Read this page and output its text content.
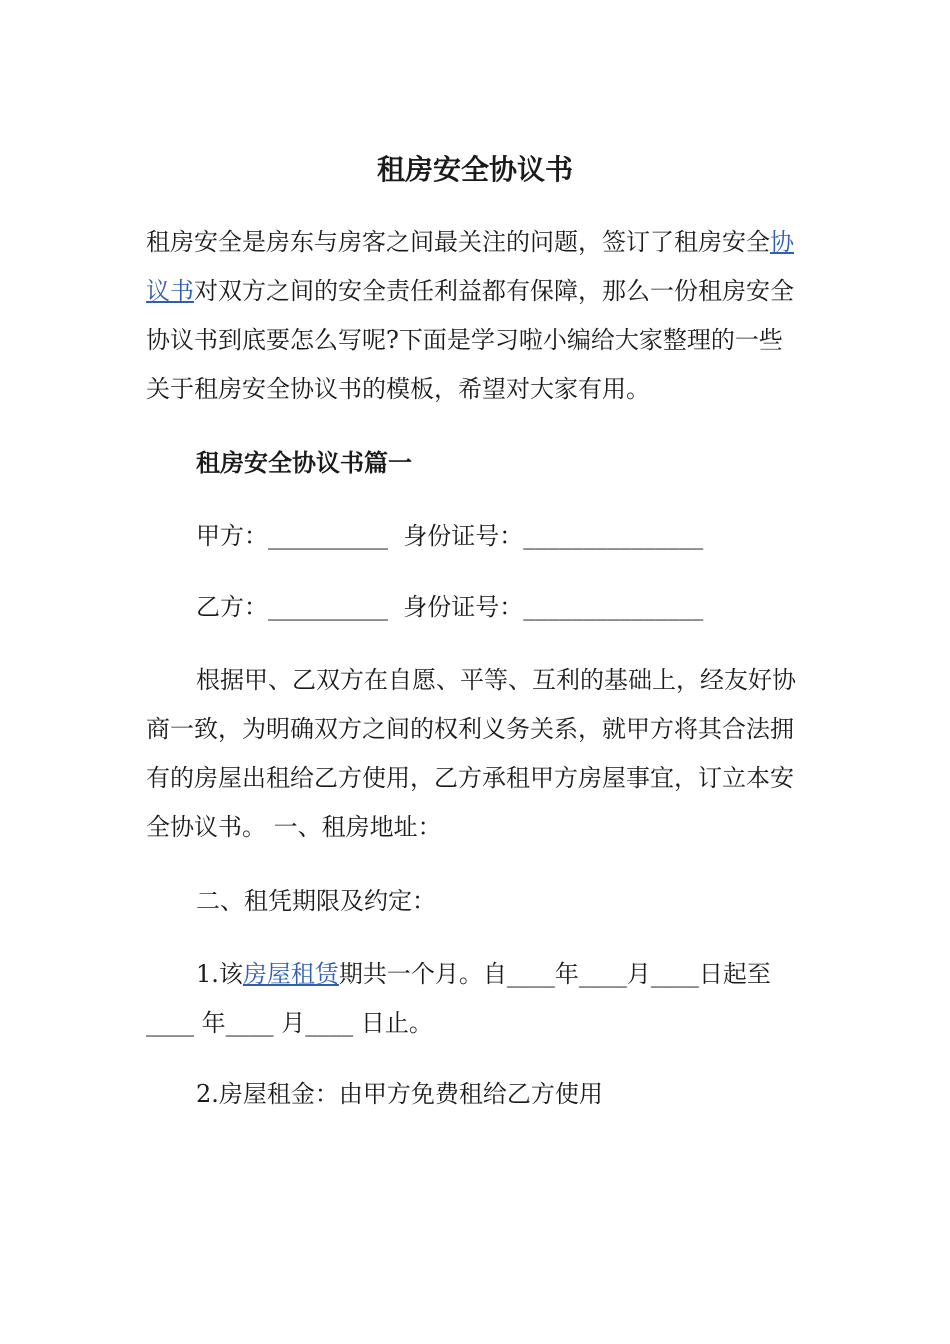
租房安全协议书

租房安全是房东与房客之间最关注的问题，签订了租房安全协议书对双方之间的安全责任利益都有保障，那么一份租房安全协议书到底要怎么写呢?下面是学习啦小编给大家整理的一些关于租房安全协议书的模板，希望对大家有用。

租房安全协议书篇一
甲方：__________  身份证号：_______________
乙方：__________  身份证号：_______________

根据甲、乙双方在自愿、平等、互利的基础上，经友好协商一致，为明确双方之间的权利义务关系，就甲方将其合法拥有的房屋出租给乙方使用，乙方承租甲方房屋事宜，订立本安全协议书。 一、租房地址：

二、租凭期限及约定：

1.该房屋租赁期共一个月。自____年____月____日起至____ 年____ 月____ 日止。

2.房屋租金：由甲方免费租给乙方使用
